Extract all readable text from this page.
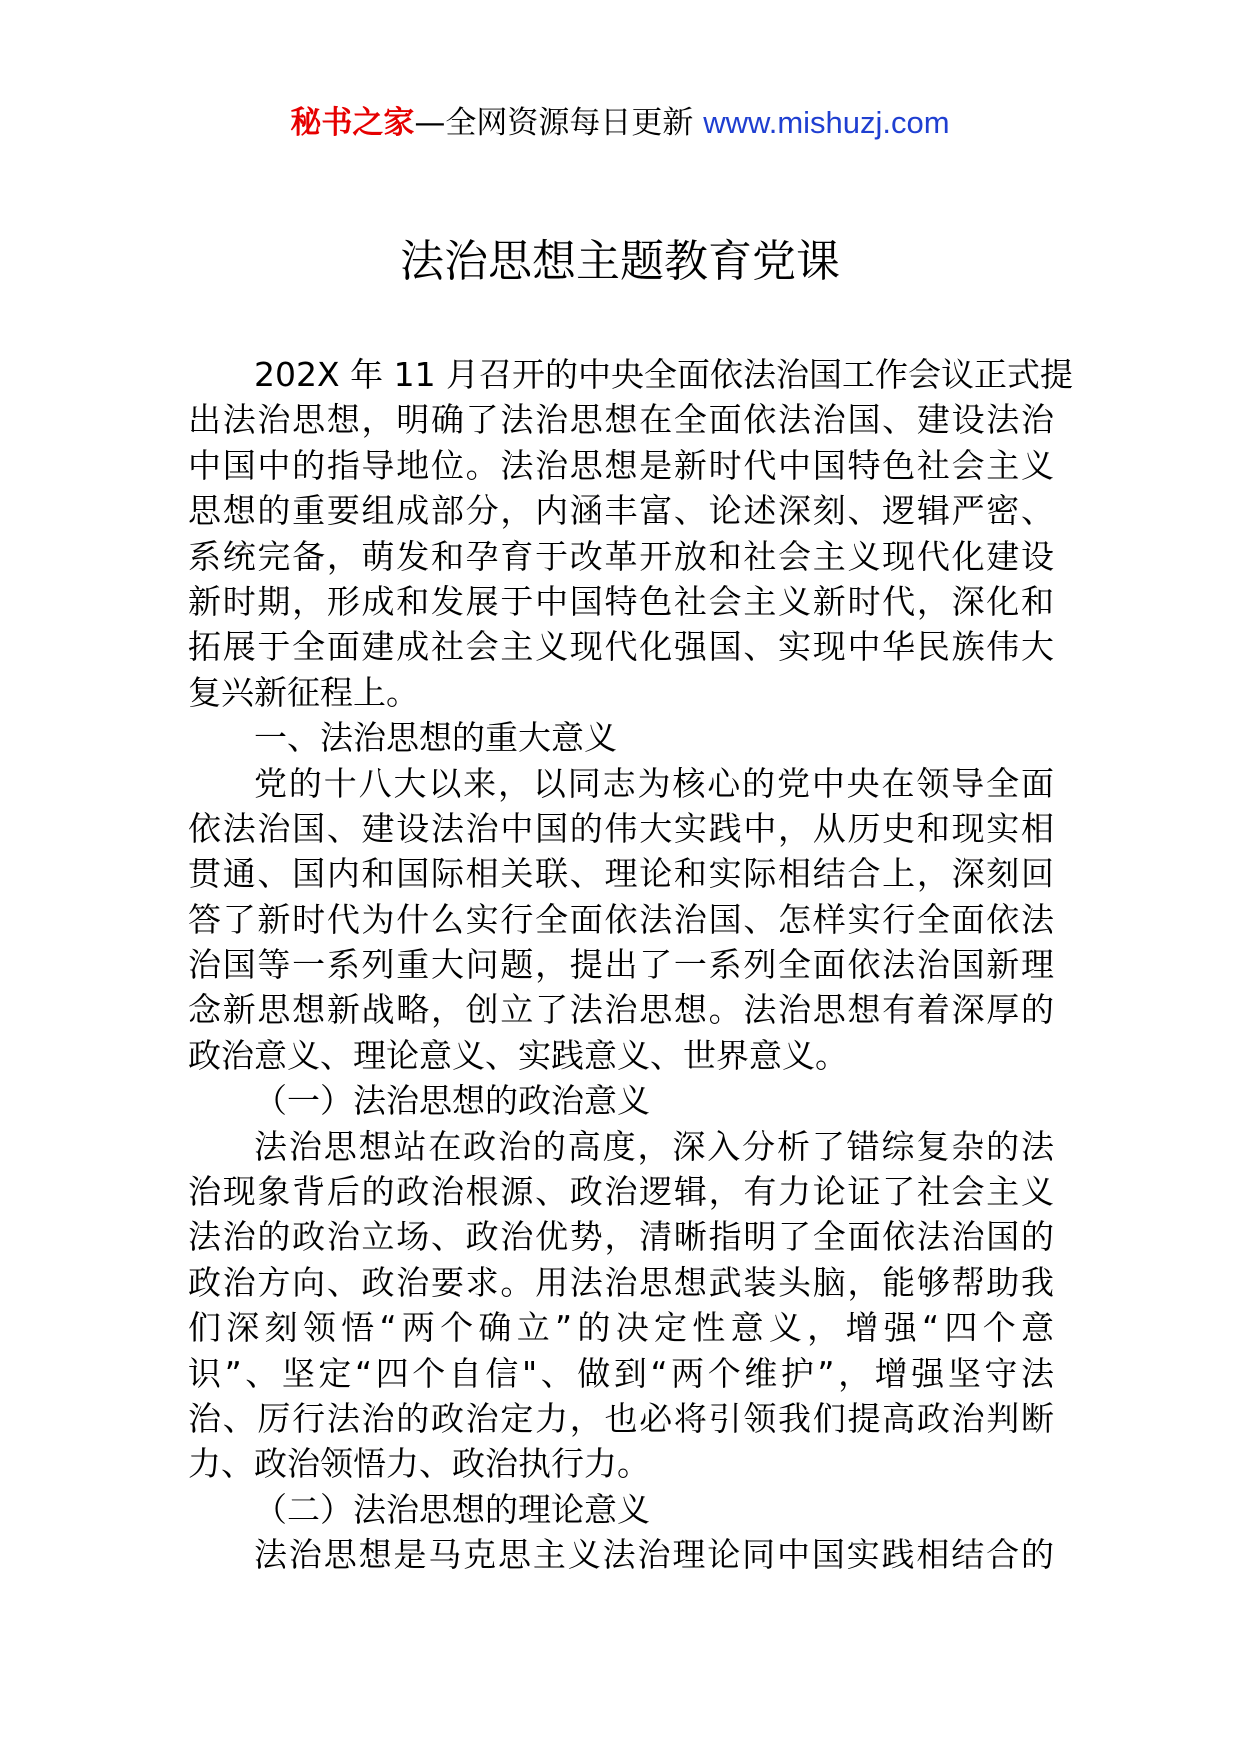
秘书之家—全网资源每日更新 www.mishuzj.com
法治思想主题教育党课
202X 年 11 月召开的中央全面依法治国工作会议正式提
出法治思想，明确了法治思想在全面依法治国、建设法治
中国中的指导地位。法治思想是新时代中国特色社会主义
思想的重要组成部分，内涵丰富、论述深刻、逻辑严密、
系统完备，萌发和孕育于改革开放和社会主义现代化建设
新时期，形成和发展于中国特色社会主义新时代，深化和
拓展于全面建成社会主义现代化强国、实现中华民族伟大
复兴新征程上。
一、法治思想的重大意义
党的十八大以来，以同志为核心的党中央在领导全面
依法治国、建设法治中国的伟大实践中，从历史和现实相
贯通、国内和国际相关联、理论和实际相结合上，深刻回
答了新时代为什么实行全面依法治国、怎样实行全面依法
治国等一系列重大问题，提出了一系列全面依法治国新理
念新思想新战略，创立了法治思想。法治思想有着深厚的
政治意义、理论意义、实践意义、世界意义。
（一）法治思想的政治意义
法治思想站在政治的高度，深入分析了错综复杂的法
治现象背后的政治根源、政治逻辑，有力论证了社会主义
法治的政治立场、政治优势，清晰指明了全面依法治国的
政治方向、政治要求。用法治思想武装头脑，能够帮助我
们深刻领悟“两个确立”的决定性意义，增强“四个意
识”、坚定“四个自信"、做到“两个维护”，增强坚守法
治、厉行法治的政治定力，也必将引领我们提高政治判断
力、政治领悟力、政治执行力。
（二）法治思想的理论意义
法治思想是马克思主义法治理论同中国实践相结合的
